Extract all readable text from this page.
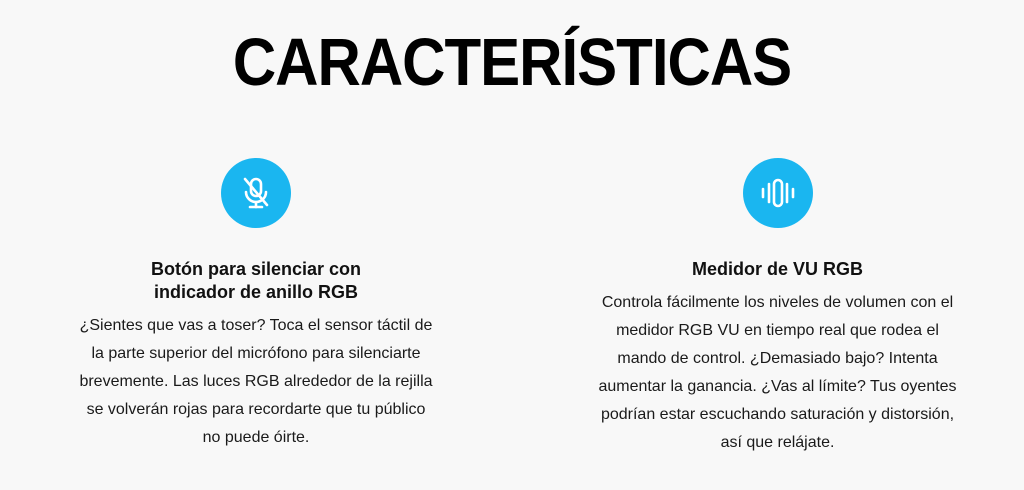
CARACTERÍSTICAS
Botón para silenciar con
indicador de anillo RGB

¿Sientes que vas a toser? Toca el sensor táctil de
la parte superior del micrófono para silenciarte
brevemente. Las luces RGB alrededor de la rejilla
se volverán rojas para recordarte que tu público
no puede óirte.

Medidor de VU RGB

Controla fácilmente los niveles de volumen con el
medidor RGB VU en tiempo real que rodea el
mando de control. ¿Demasiado bajo? Intenta
aumentar la ganancia. ¿Vas al límite? Tus oyentes
podrían estar escuchando saturación y distorsión,
así que relájate.
